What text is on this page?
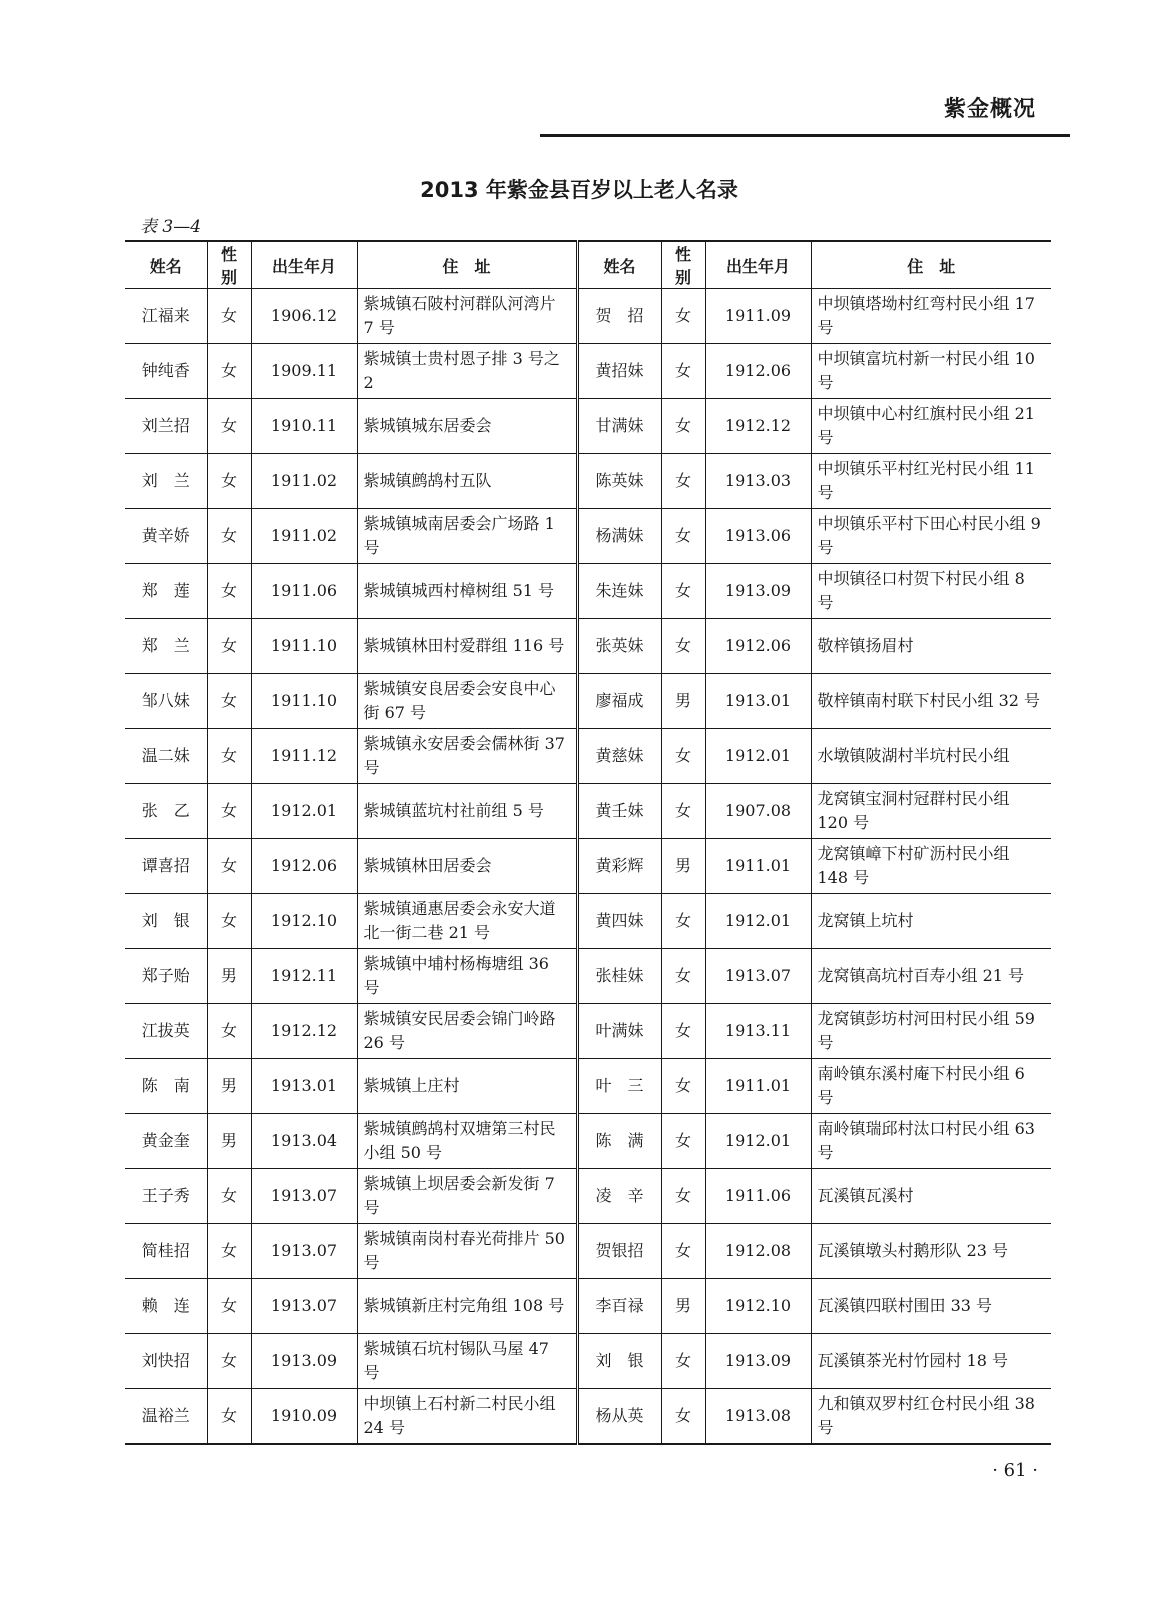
紫金概况
2013 年紫金县百岁以上老人名录
表 3—4
姓名	性别	出生年月	住　址	姓名	性别	出生年月	住　址
江福来	女	1906.12	紫城镇石陂村河群队河湾片 7 号	贺　招	女	1911.09	中坝镇塔坳村红弯村民小组 17 号
钟纯香	女	1909.11	紫城镇士贵村恩子排 3 号之 2	黄招妹	女	1912.06	中坝镇富坑村新一村民小组 10 号
刘兰招	女	1910.11	紫城镇城东居委会	甘满妹	女	1912.12	中坝镇中心村红旗村民小组 21 号
刘　兰	女	1911.02	紫城镇鹧鸪村五队	陈英妹	女	1913.03	中坝镇乐平村红光村民小组 11 号
黄辛娇	女	1911.02	紫城镇城南居委会广场路 1 号	杨满妹	女	1913.06	中坝镇乐平村下田心村民小组 9 号
郑　莲	女	1911.06	紫城镇城西村樟树组 51 号	朱连妹	女	1913.09	中坝镇径口村贺下村民小组 8 号
郑　兰	女	1911.10	紫城镇林田村爱群组 116 号	张英妹	女	1912.06	敬梓镇扬眉村
邹八妹	女	1911.10	紫城镇安良居委会安良中心街 67 号	廖福成	男	1913.01	敬梓镇南村联下村民小组 32 号
温二妹	女	1911.12	紫城镇永安居委会儒林街 37 号	黄慈妹	女	1912.01	水墩镇陂湖村半坑村民小组
张　乙	女	1912.01	紫城镇蓝坑村社前组 5 号	黄壬妹	女	1907.08	龙窝镇宝洞村冠群村民小组 120 号
谭喜招	女	1912.06	紫城镇林田居委会	黄彩辉	男	1911.01	龙窝镇嶂下村矿沥村民小组 148 号
刘　银	女	1912.10	紫城镇通惠居委会永安大道北一街二巷 21 号	黄四妹	女	1912.01	龙窝镇上坑村
郑子贻	男	1912.11	紫城镇中埔村杨梅塘组 36 号	张桂妹	女	1913.07	龙窝镇高坑村百寿小组 21 号
江拔英	女	1912.12	紫城镇安民居委会锦门岭路 26 号	叶满妹	女	1913.11	龙窝镇彭坊村河田村民小组 59 号
陈　南	男	1913.01	紫城镇上庄村	叶　三	女	1911.01	南岭镇东溪村庵下村民小组 6 号
黄金奎	男	1913.04	紫城镇鹧鸪村双塘第三村民小组 50 号	陈　满	女	1912.01	南岭镇瑞邱村汰口村民小组 63 号
王子秀	女	1913.07	紫城镇上坝居委会新发街 7 号	凌　辛	女	1911.06	瓦溪镇瓦溪村
简桂招	女	1913.07	紫城镇南岗村春光荷排片 50 号	贺银招	女	1912.08	瓦溪镇墩头村鹅形队 23 号
赖　连	女	1913.07	紫城镇新庄村完角组 108 号	李百禄	男	1912.10	瓦溪镇四联村围田 33 号
刘快招	女	1913.09	紫城镇石坑村锡队马屋 47 号	刘　银	女	1913.09	瓦溪镇茶光村竹园村 18 号
温裕兰	女	1910.09	中坝镇上石村新二村民小组 24 号	杨从英	女	1913.08	九和镇双罗村红仓村民小组 38 号
· 61 ·
